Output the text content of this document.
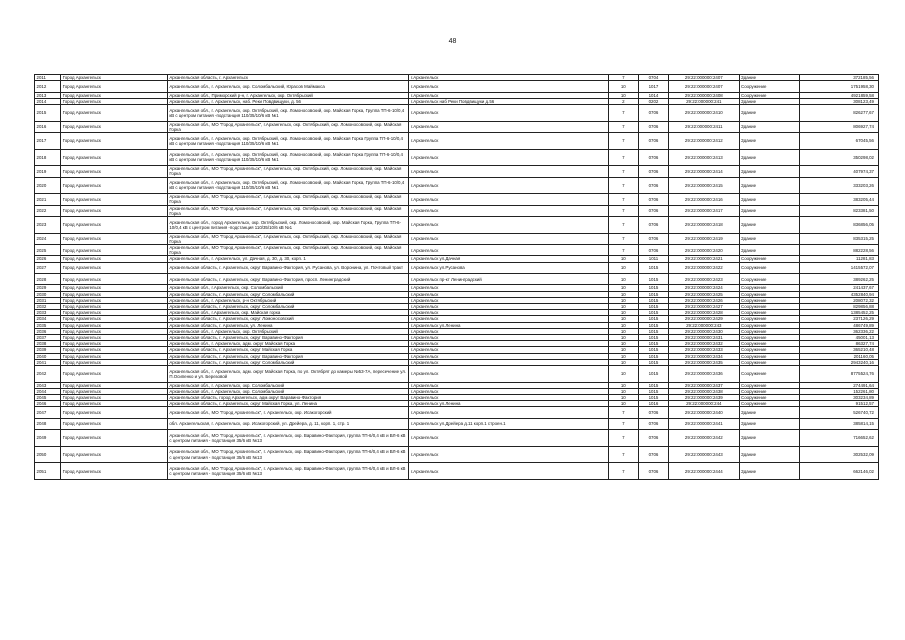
48
2011	Город Архангельск	Архангельская область, г. Архангельск	г.Архангельск	7	0704	29:22:000000:2407	Здание	372185,56
2012	Город Архангельск	Архангельская обл., г. Архангельск, окр. Соломбальский, Юрасов Маймакса	г.Архангельск	10	1017	29:22:000000:2407	Сооружение	1751958,30
2013	Город Архангельск	Архангельская обл., Приморский р-н, г. Архангельск, окр. Октябрьский	г.Архангельск	10	1014	29:22:000000:2408	Сооружение	4921859,58
2014	Город Архангельск	Архангельская обл., г. Архангельск, наб. Реки Повдвищуки, д. 56	г.Архангельск наб Реки Повдвищуки д.56	2	0202	29:22:000000:241	Здание	308123,49
2015	Город Архангельск	Архангельская обл., г. Архангельск, окр. Октябрьский, окр. Ломоносовский, окр. Майская Горка, Группа ТП-6-10/0,4 кВ с центром питания -подстанция 110/35/10/6 кВ №1	г.Архангельск	7	0706	29:22:000000:2410	Здание	826277,67
2016	Город Архангельск	Архангельская обл., МО "Город Архангельск", г.Архангельск, окр. Октябрьский, окр. Ломоносовский, окр. Майская Горка	г.Архангельск	7	0706	29:22:000000:2411	Здание	806927,74
2017	Город Архангельск	Архангельская обл., г. Архангельск, окр. Октябрьский, окр. Ломоносовский, окр. Майская Горка Группа ТП-6-10/0,4 кВ с центром питания -подстанция 110/35/10/6 кВ №1	г.Архангельск	7	0706	29:22:000000:2412	Здание	67045,56
2018	Город Архангельск	Архангельская обл., г. Архангельск, окр. Октябрьский, окр. Ломоносовский, окр. Майская Горка Группа ТП-6-10/0,4 кВ с центром питания -подстанция 110/35/10/6 кВ №1	г.Архангельск	7	0706	29:22:000000:2413	Здание	350298,02
2019	Город Архангельск	Архангельская обл., МО "Город Архангельск", г.Архангельск, окр. Октябрьский, окр. Ломоносовский, окр. Майская Горка	г.Архангельск	7	0706	29:22:000000:2414	Здание	407974,37
2020	Город Архангельск	Архангельская обл., г. Архангельск, окр. Октябрьский, окр. Ломоносовский, окр. Майская Горка, Группа ТП-6-10/0,4 кВ с центром питания -подстанция 110/35/10/6 кВ №1	г.Архангельск	7	0706	29:22:000000:2415	Здание	333203,26
2021	Город Архангельск	Архангельская обл., МО "Город Архангельск", г.Архангельск, окр. Октябрьский, окр. Ломоносовский, окр. Майская Горка	г.Архангельск	7	0706	29:22:000000:2416	Здание	383205,44
2022	Город Архангельск	Архангельская обл., МО "Город Архангельск", г.Архангельск, окр. Октябрьский, окр. Ломоносовский, окр. Майская Горка	г.Архангельск	7	0706	29:22:000000:2417	Здание	823381,50
2023	Город Архангельск	Архангельская обл., город Архангельск, окр. Октябрьский, окр. Ломоносовский, окр. Майская Горка, Группа ТП-6-10/0,4 кВ с центром питания -подстанция 110/35/10/6 кВ №1	г.Архангельск	7	0706	29:22:000000:2418	Здание	836856,05
2024	Город Архангельск	Архангельская обл., МО "Город Архангельск", г.Архангельск, окр. Октябрьский, окр. Ломоносовский, окр. Майская Горка	г.Архангельск	7	0706	29:22:000000:2419	Здание	835315,25
2025	Город Архангельск	Архангельская обл., МО "Город Архангельск", г.Архангельск, окр. Октябрьский, окр. Ломоносовский, окр. Майская Горка	г.Архангельск	7	0706	29:22:000000:2420	Здание	882228,56
2026	Город Архангельск	Архангельская обл., г. Архангельск, ул. Дачная, д. 30, д. 30, корп. 1	г.Архангельск ул.Дачная	10	1011	29:22:000000:2421	Сооружение	11281,83
2027	Город Архангельск	Архангельская область, г. Архангельск, округ Варавино-Фактория, ул. Русанова, ул. Воронина, ул. Почтовый тракт	г.Архангельск ул.Русанова	10	1015	29:22:000000:2422	Сооружение	1415572,07
2028	Город Архангельск	Архангельская область, г. Архангельск, округ Варавино-Фактория, просп. Ленинградский	г.Архангельск пр-кт Ленинградский	10	1015	29:22:000000:2423	Сооружение	389262,25
2029	Город Архангельск	Архангельская обл., г.Архангельск, окр. Соломбальский	г.Архангельск	10	1015	29:22:000000:2424	Сооружение	241437,67
2030	Город Архангельск	Архангельская область, г. Архангельск, округ Соломбальский	г.Архангельск	10	1015	29:22:000000:2425	Сооружение	4352840,94
2031	Город Архангельск	Архангельская обл., г. Архангельск, р-н Октябрьский	г.Архангельск	10	1015	29:22:000000:2426	Сооружение	208072,32
2032	Город Архангельск	Архангельская область, г. Архангельск, округ Соломбальский	г.Архангельск	10	1015	29:22:000000:2427	Сооружение	829856,88
2033	Город Архангельск	Архангельская обл., г.Архангельск, окр. Майская горка	г.Архангельск	10	1015	29:22:000000:2428	Сооружение	1385452,25
2034	Город Архангельск	Архангельская область, г. Архангельск, округ Ломоносовский	г.Архангельск	10	1015	29:22:000000:2429	Сооружение	237126,29
2035	Город Архангельск	Архангельская область, г. Архангельск, ул. Ленина	г.Архангельск ул.Ленина	10	1015	29:22:000000:243	Сооружение	486749,89
2036	Город Архангельск	Архангельская обл., г. Архангельск, окр. Октябрьский	г.Архангельск	10	1015	29:22:000000:2430	Сооружение	362336,22
2037	Город Архангельск	Архангельская область, г. Архангельск, округ Варавино-Фактория	г.Архангельск	10	1015	29:22:000000:2431	Сооружение	45001,13
2038	Город Архангельск	Архангельская обл., г. Архангельск, адм. округ Майская Горка	г.Архангельск	10	1015	29:22:000000:2432	Сооружение	86327,74
2039	Город Архангельск	Архангельская область, г. Архангельск, округ Майская Горка	г.Архангельск	10	1015	29:22:000000:2433	Сооружение	365210,48
2040	Город Архангельск	Архангельская область, г. Архангельск, округ Варавино-Фактория	г.Архангельск	10	1015	29:22:000000:2434	Сооружение	201160,05
2041	Город Архангельск	Архангельская область, г. Архангельск, округ Соломбальский	г.Архангельск	10	1015	29:22:000000:2435	Сооружение	2943240,16
2042	Город Архангельск	Архангельская обл., г. Архангельск, адм. округ Майская Горка, по ул. Октябрят до камеры №53-7А, пересечение ул. П.Осипенко и ул. Березовой	г.Архангельск	10	1015	29:22:000000:2436	Сооружение	8775524,76
2043	Город Архангельск	Архангельская обл., г. Архангельск, окр. Соломбальский	г.Архангельск	10	1015	29:22:000000:2437	Сооружение	274491,64
2044	Город Архангельск	Архангельская обл., г. Архангельск, окр. Соломбальский	г.Архангельск	10	1015	29:22:000000:2438	Сооружение	152261,80
2045	Город Архангельск	Архангельская область, город Архангельск, адм.округ Варавино-Фактория	г.Архангельск	10	1015	29:22:000000:2439	Сооружение	303234,89
2046	Город Архангельск	Архангельская область, г. Архангельск, округ Майская Горка, ул. Ленина	г.Архангельск ул.Ленина	10	1016	29:22:000000:244	Сооружение	91512,57
2047	Город Архангельск	Архангельская обл., МО "Город Архангельск", г. Архангельск, окр. Исакогорский	г.Архангельск	7	0706	29:22:000000:2440	Здание	526740,72
2048	Город Архангельск	обл. Архангельская, г. Архангельск, окр. Исакогорский, ул. Дрейера, д. 11, корп. 1, стр. 1	г.Архангельск ул.Дрейера д.11 корп.1 строен.1	7	0706	29:22:000000:2441	Здание	385814,15
2049	Город Архангельск	Архангельская обл., МО "Город Архангельск", г. Архангельск, окр. Варавино-Фактория, группа ТП-6/0,4 кВ и ВЛ-6 кВ с центром питания - подстанция 35/6 кВ №13	г.Архангельск	7	0706	29:22:000000:2442	Здание	716652,62
2050	Город Архангельск	Архангельская обл., МО "Город Архангельск", г. Архангельск, окр. Варавино-Фактория, группа ТП-6/0,4 кВ и ВЛ-6 кВ с центром питания - подстанция 35/6 кВ №13	г.Архангельск	7	0706	29:22:000000:2443	Здание	302532,09
2051	Город Архангельск	Архангельская обл., МО "Город Архангельск", г. Архангельск, окр. Варавино-Фактория, группа ТП-6/0,4 кВ и ВЛ-6 кВ с центром питания - подстанция 35/6 кВ №13	г.Архангельск	7	0706	29:22:000000:2444	Здание	662146,02
